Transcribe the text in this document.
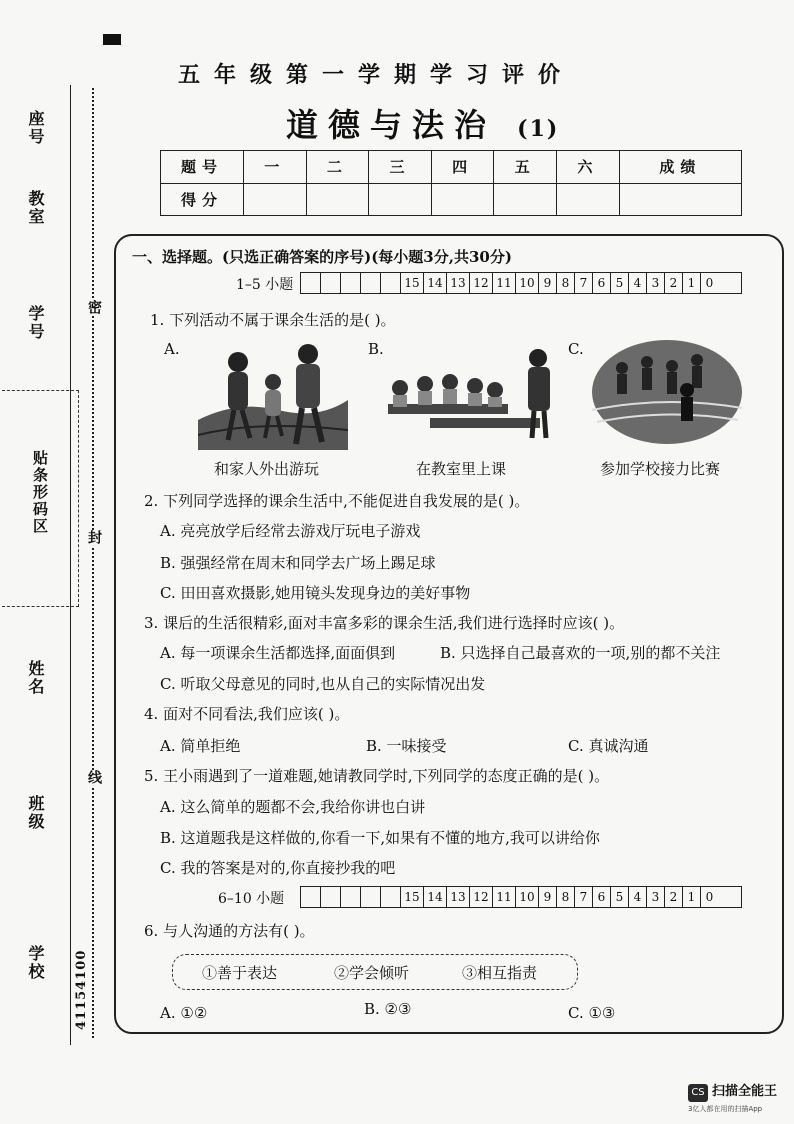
座号
教室
学号
贴条形码区
姓名
班级
学校
密
封
线
41154100
五年级第一学期学习评价
道德与法治 (1)
题号	一	二	三	四	五	六	成绩
得分							
一、选择题。(只选正确答案的序号)(每小题3分,共30分)
1–5 小题	15 14 13 12 11 10 9 8 7 6 5 4 3 2 1 0
1. 下列活动不属于课余生活的是( )。
A.	B.	C.
和家人外出游玩	在教室里上课	参加学校接力比赛
2. 下列同学选择的课余生活中,不能促进自我发展的是( )。
A. 亮亮放学后经常去游戏厅玩电子游戏
B. 强强经常在周末和同学去广场上踢足球
C. 田田喜欢摄影,她用镜头发现身边的美好事物
3. 课后的生活很精彩,面对丰富多彩的课余生活,我们进行选择时应该( )。
A. 每一项课余生活都选择,面面俱到	B. 只选择自己最喜欢的一项,别的都不关注
C. 听取父母意见的同时,也从自己的实际情况出发
4. 面对不同看法,我们应该( )。
A. 简单拒绝	B. 一味接受	C. 真诚沟通
5. 王小雨遇到了一道难题,她请教同学时,下列同学的态度正确的是( )。
A. 这么简单的题都不会,我给你讲也白讲
B. 这道题我是这样做的,你看一下,如果有不懂的地方,我可以讲给你
C. 我的答案是对的,你直接抄我的吧
6–10 小题	15 14 13 12 11 10 9 8 7 6 5 4 3 2 1 0
6. 与人沟通的方法有( )。
①善于表达	②学会倾听	③相互指责
A. ①②	B. ②③	C. ①③
CS 扫描全能王
3亿人都在用的扫描App
